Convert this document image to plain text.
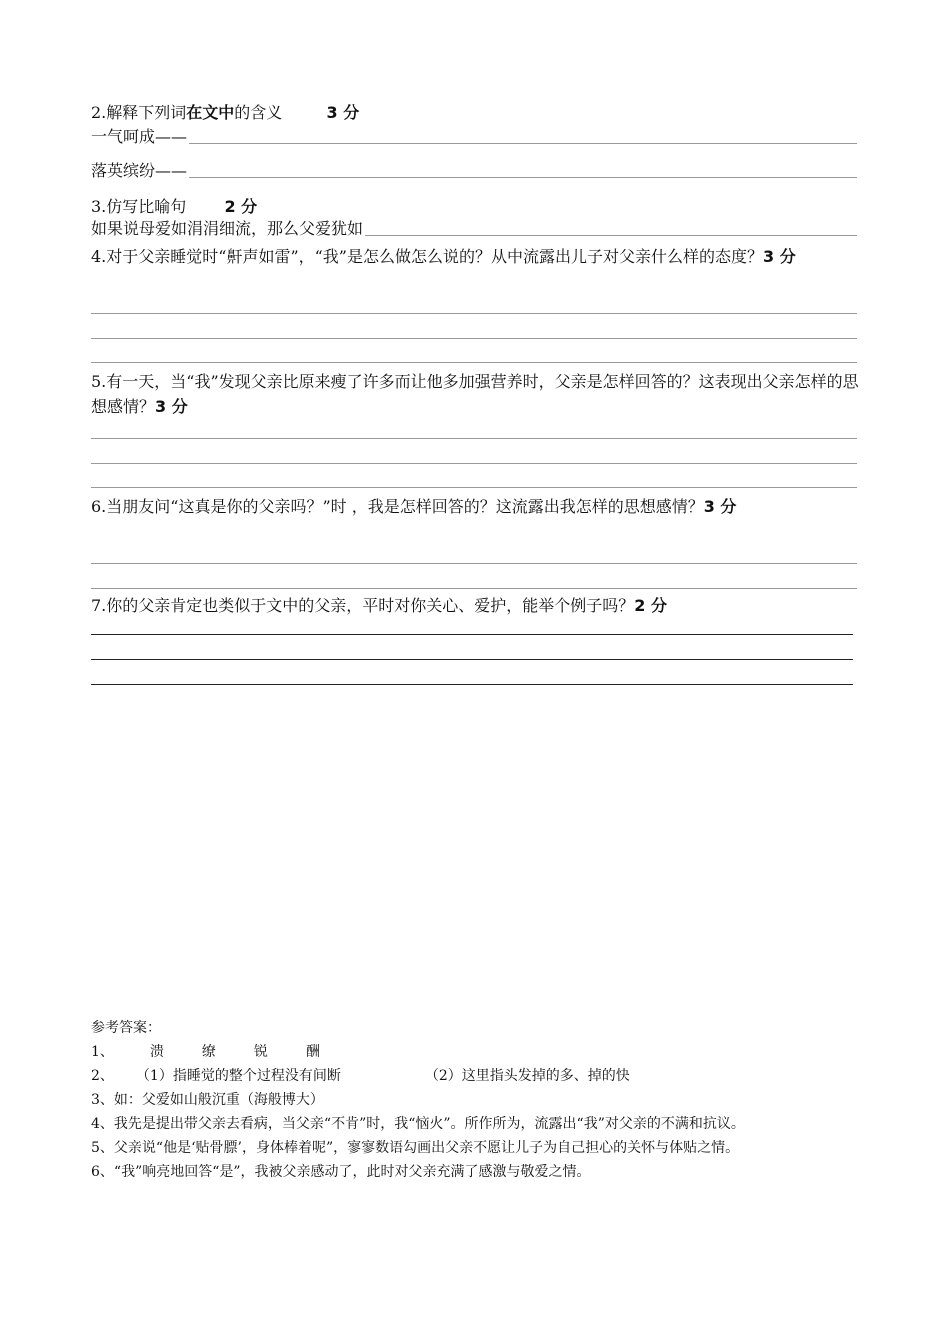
2.解释下列词在文中的含义	3 分

一气呵成——
落英缤纷——

3.仿写比喻句 2 分

如果说母爱如涓涓细流，那么父爱犹如

4.对于父亲睡觉时“鼾声如雷”，“我”是怎么做怎么说的？从中流露出儿子对父亲什么样的态度？3 分

5.有一天，当“我”发现父亲比原来瘦了许多而让他多加强营养时，父亲是怎样回答的？这表现出父亲怎样的思想感情？3 分

6.当朋友问“这真是你的父亲吗？”时 ，我是怎样回答的？这流露出我怎样的思想感情？3 分

7.你的父亲肯定也类似于文中的父亲，平时对你关心、爱护，能举个例子吗？2 分

参考答案：

1、	溃	缭	锐	酬

2、 （1）指睡觉的整个过程没有间断	（2）这里指头发掉的多、掉的快

3、如：父爱如山般沉重（海般博大）

4、我先是提出带父亲去看病，当父亲“不肯”时，我“恼火”。所作所为，流露出“我”对父亲的不满和抗议。

5、父亲说“他是‘贴骨膘’，身体棒着呢”，寥寥数语勾画出父亲不愿让儿子为自己担心的关怀与体贴之情。

6、“我”响亮地回答“是”，我被父亲感动了，此时对父亲充满了感激与敬爱之情。
